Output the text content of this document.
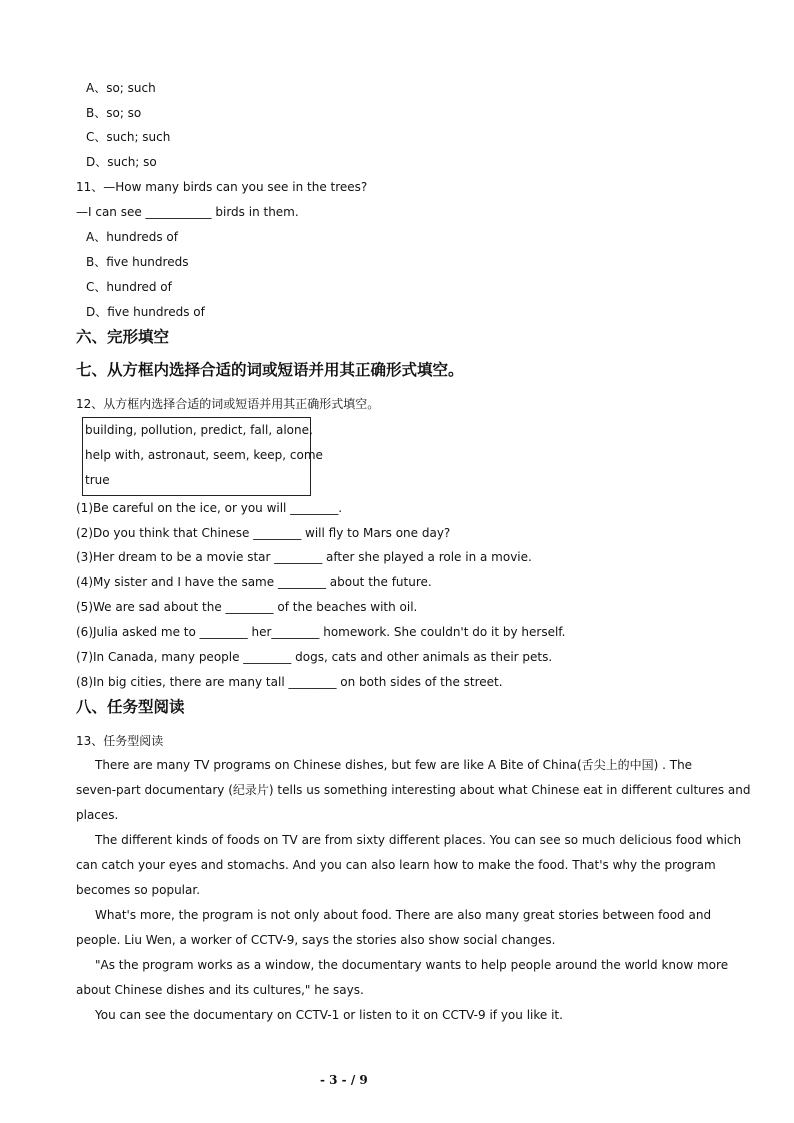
A、so; such
B、so; so
C、such; such
D、such; so
11、—How many birds can you see in the trees?
—I can see ___________ birds in them.
A、hundreds of
B、five hundreds
C、hundred of
D、five hundreds of
六、完形填空
七、从方框内选择合适的词或短语并用其正确形式填空。
12、从方框内选择合适的词或短语并用其正确形式填空。
building, pollution, predict, fall, alone,
help with, astronaut, seem, keep, come
true
(1)Be careful on the ice, or you will ________.
(2)Do you think that Chinese ________ will fly to Mars one day?
(3)Her dream to be a movie star ________ after she played a role in a movie.
(4)My sister and I have the same ________ about the future.
(5)We are sad about the ________ of the beaches with oil.
(6)Julia asked me to ________ her________ homework. She couldn't do it by herself.
(7)In Canada, many people ________ dogs, cats and other animals as their pets.
(8)In big cities, there are many tall ________ on both sides of the street.
八、任务型阅读
13、任务型阅读
There are many TV programs on Chinese dishes, but few are like A Bite of China(舌尖上的中国) . The
seven-part documentary (纪录片) tells us something interesting about what Chinese eat in different cultures and
places.
The different kinds of foods on TV are from sixty different places. You can see so much delicious food which
can catch your eyes and stomachs. And you can also learn how to make the food. That's why the program
becomes so popular.
What's more, the program is not only about food. There are also many great stories between food and
people. Liu Wen, a worker of CCTV-9, says the stories also show social changes.
"As the program works as a window, the documentary wants to help people around the world know more
about Chinese dishes and its cultures," he says.
You can see the documentary on CCTV-1 or listen to it on CCTV-9 if you like it.
- 3 - / 9
